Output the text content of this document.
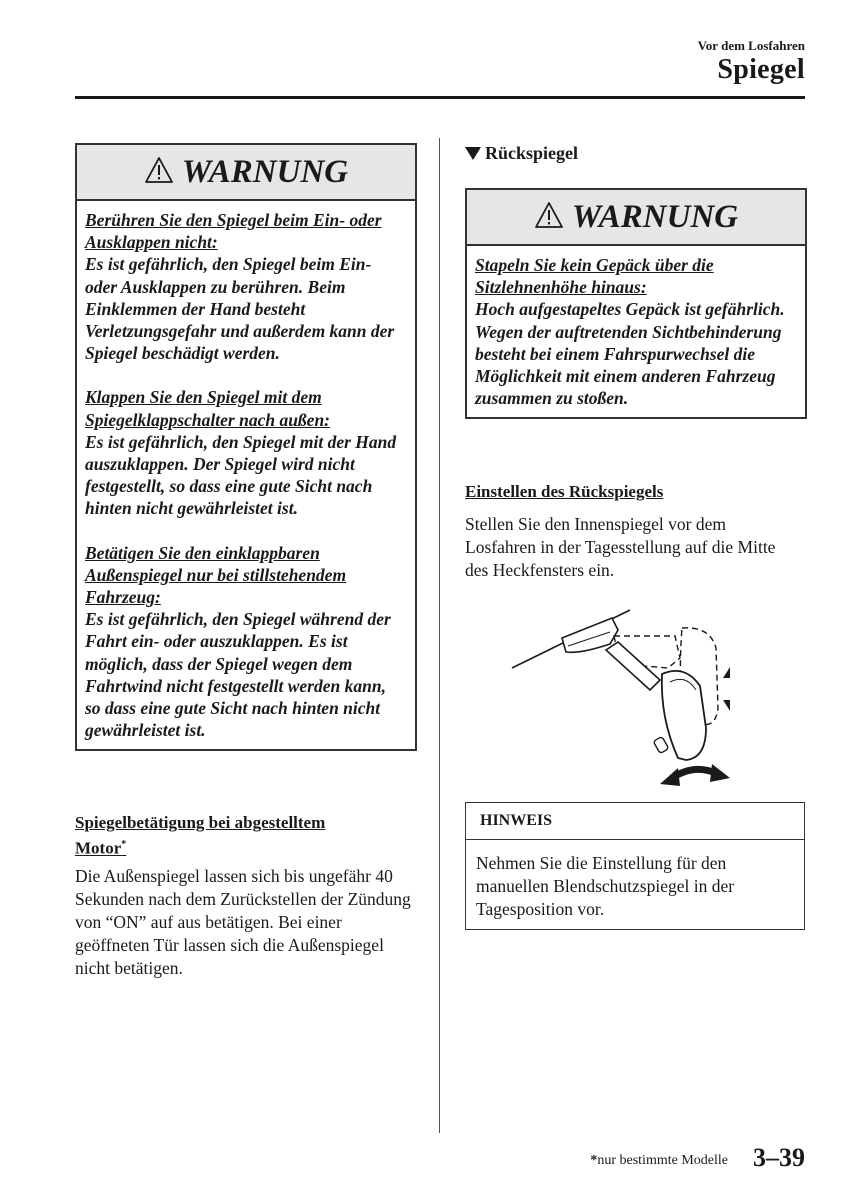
Vor dem Losfahren
Spiegel
WARNUNG
Berühren Sie den Spiegel beim Ein- oder Ausklappen nicht:
Es ist gefährlich, den Spiegel beim Ein- oder Ausklappen zu berühren. Beim Einklemmen der Hand besteht Verletzungsgefahr und außerdem kann der Spiegel beschädigt werden.
Klappen Sie den Spiegel mit dem Spiegelklappschalter nach außen:
Es ist gefährlich, den Spiegel mit der Hand auszuklappen. Der Spiegel wird nicht festgestellt, so dass eine gute Sicht nach hinten nicht gewährleistet ist.
Betätigen Sie den einklappbaren Außenspiegel nur bei stillstehendem Fahrzeug:
Es ist gefährlich, den Spiegel während der Fahrt ein- oder auszuklappen. Es ist möglich, dass der Spiegel wegen dem Fahrtwind nicht festgestellt werden kann, so dass eine gute Sicht nach hinten nicht gewährleistet ist.
Spiegelbetätigung bei abgestelltem Motor*
Die Außenspiegel lassen sich bis ungefähr 40 Sekunden nach dem Zurückstellen der Zündung von “ON” auf aus betätigen. Bei einer geöffneten Tür lassen sich die Außenspiegel nicht betätigen.
Rückspiegel
WARNUNG
Stapeln Sie kein Gepäck über die Sitzlehnenhöhe hinaus:
Hoch aufgestapeltes Gepäck ist gefährlich. Wegen der auftretenden Sichtbehinderung besteht bei einem Fahrspurwechsel die Möglichkeit mit einem anderen Fahrzeug zusammen zu stoßen.
Einstellen des Rückspiegels
Stellen Sie den Innenspiegel vor dem Losfahren in der Tagesstellung auf die Mitte des Heckfensters ein.
HINWEIS
Nehmen Sie die Einstellung für den manuellen Blendschutzspiegel in der Tagesposition vor.
*nur bestimmte Modelle 3–39
